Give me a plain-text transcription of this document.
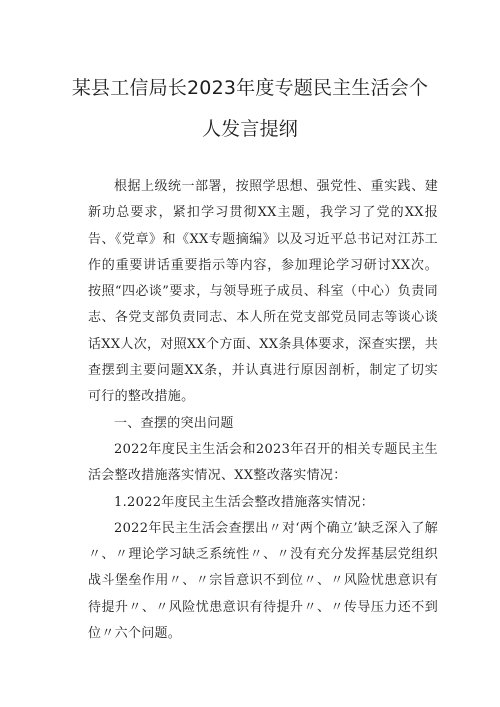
某县工信局长2023年度专题民主生活会个
人发言提纲

根据上级统一部署，按照学思想、强党性、重实践、建新功总要求，紧扣学习贯彻XX主题，我学习了党的XX报告、《党章》和《XX专题摘编》以及习近平总书记对江苏工作的重要讲话重要指示等内容，参加理论学习研讨XX次。按照“四必谈”要求，与领导班子成员、科室（中心）负责同志、各党支部负责同志、本人所在党支部党员同志等谈心谈话XX人次，对照XX个方面、XX条具体要求，深查实摆，共查摆到主要问题XX条，并认真进行原因剖析，制定了切实可行的整改措施。

一、查摆的突出问题

2022年度民主生活会和2023年召开的相关专题民主生活会整改措施落实情况、XX整改落实情况：

1.2022年度民主生活会整改措施落实情况：

2022年民主生活会查摆出〃对‘两个确立’缺乏深入了解〃、〃理论学习缺乏系统性〃、〃没有充分发挥基层党组织战斗堡垒作用〃、〃宗旨意识不到位〃、〃风险忧患意识有待提升〃、〃风险忧患意识有待提升〃、〃传导压力还不到位〃六个问题。
